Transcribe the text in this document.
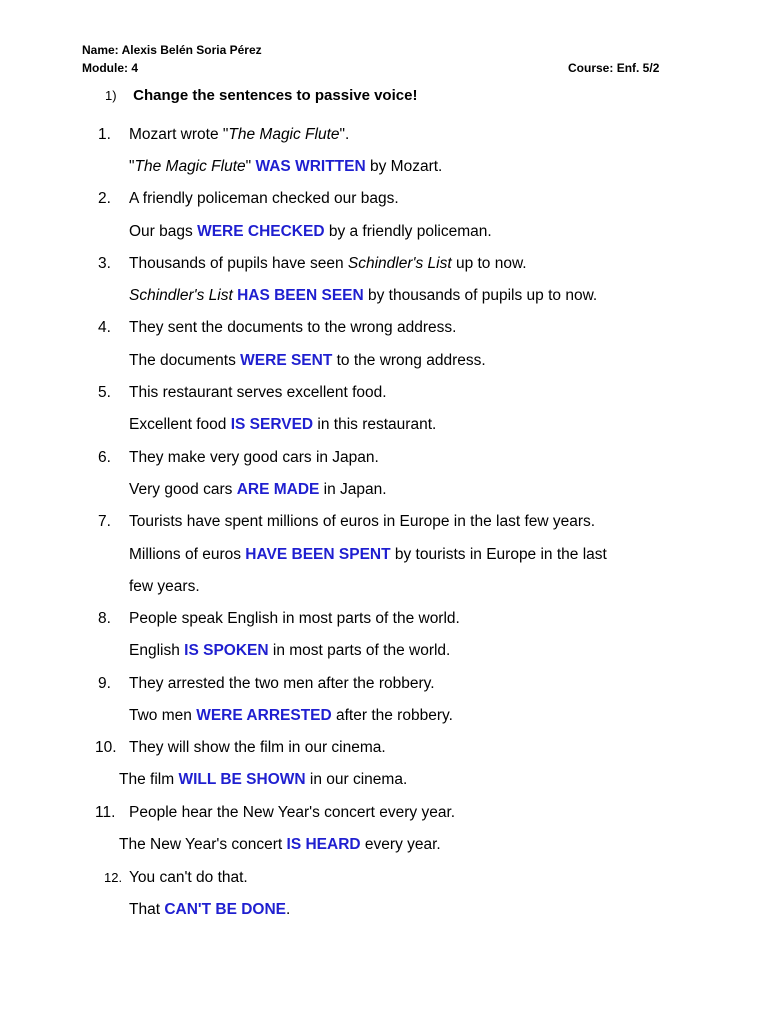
Name: Alexis Belén Soria Pérez
Module: 4	Course: Enf. 5/2
1) Change the sentences to passive voice!
1. Mozart wrote "The Magic Flute".
"The Magic Flute" WAS WRITTEN by Mozart.
2. A friendly policeman checked our bags.
Our bags WERE CHECKED by a friendly policeman.
3. Thousands of pupils have seen Schindler's List up to now.
Schindler's List HAS BEEN SEEN by thousands of pupils up to now.
4. They sent the documents to the wrong address.
The documents WERE SENT to the wrong address.
5. This restaurant serves excellent food.
Excellent food IS SERVED in this restaurant.
6. They make very good cars in Japan.
Very good cars ARE MADE in Japan.
7. Tourists have spent millions of euros in Europe in the last few years.
Millions of euros HAVE BEEN SPENT by tourists in Europe in the last
few years.
8. People speak English in most parts of the world.
English IS SPOKEN in most parts of the world.
9. They arrested the two men after the robbery.
Two men WERE ARRESTED after the robbery.
10. They will show the film in our cinema.
The film WILL BE SHOWN in our cinema.
11. People hear the New Year's concert every year.
The New Year's concert IS HEARD every year.
12. You can't do that.
That CAN'T BE DONE.
